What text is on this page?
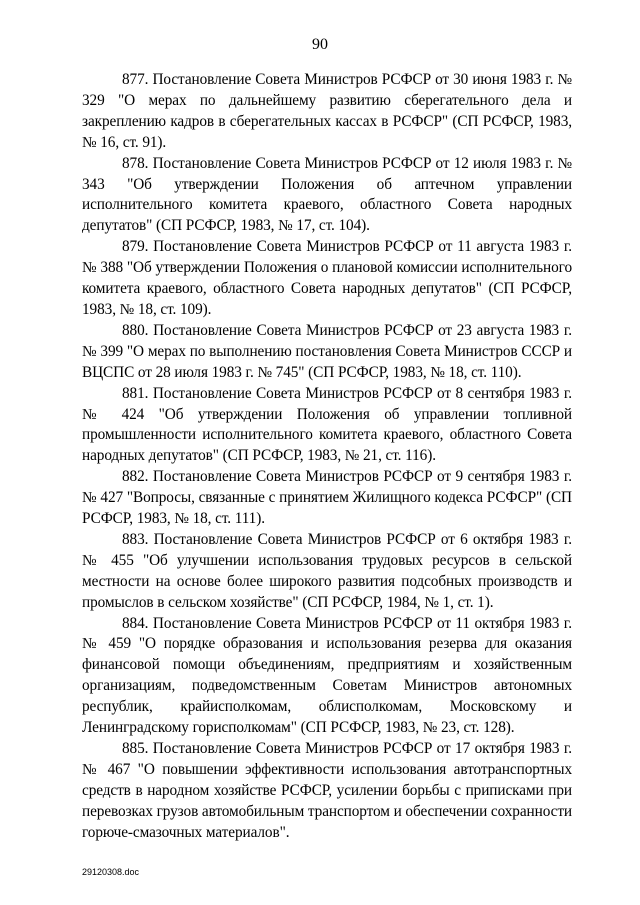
90

877. Постановление Совета Министров РСФСР от 30 июня 1983 г. № 329 "О мерах по дальнейшему развитию сберегательного дела и закреплению кадров в сберегательных кассах в РСФСР" (СП РСФСР, 1983, № 16, ст. 91).

878. Постановление Совета Министров РСФСР от 12 июля 1983 г. № 343 "Об утверждении Положения об аптечном управлении исполнительного комитета краевого, областного Совета народных депутатов" (СП РСФСР, 1983, № 17, ст. 104).

879. Постановление Совета Министров РСФСР от 11 августа 1983 г. № 388 "Об утверждении Положения о плановой комиссии исполнительного комитета краевого, областного Совета народных депутатов" (СП РСФСР, 1983, № 18, ст. 109).

880. Постановление Совета Министров РСФСР от 23 августа 1983 г. № 399 "О мерах по выполнению постановления Совета Министров СССР и ВЦСПС от 28 июля 1983 г. № 745" (СП РСФСР, 1983, № 18, ст. 110).

881. Постановление Совета Министров РСФСР от 8 сентября 1983 г. № 424 "Об утверждении Положения об управлении топливной промышленности исполнительного комитета краевого, областного Совета народных депутатов" (СП РСФСР, 1983, № 21, ст. 116).

882. Постановление Совета Министров РСФСР от 9 сентября 1983 г. № 427 "Вопросы, связанные с принятием Жилищного кодекса РСФСР" (СП РСФСР, 1983, № 18, ст. 111).

883. Постановление Совета Министров РСФСР от 6 октября 1983 г. № 455 "Об улучшении использования трудовых ресурсов в сельской местности на основе более широкого развития подсобных производств и промыслов в сельском хозяйстве" (СП РСФСР, 1984, № 1, ст. 1).

884. Постановление Совета Министров РСФСР от 11 октября 1983 г. № 459 "О порядке образования и использования резерва для оказания финансовой помощи объединениям, предприятиям и хозяйственным организациям, подведомственным Советам Министров автономных республик, крайисполкомам, облисполкомам, Московскому и Ленинградскому горисполкомам" (СП РСФСР, 1983, № 23, ст. 128).

885. Постановление Совета Министров РСФСР от 17 октября 1983 г. № 467 "О повышении эффективности использования автотранспортных средств в народном хозяйстве РСФСР, усилении борьбы с приписками при перевозках грузов автомобильным транспортом и обеспечении сохранности горюче-смазочных материалов".

29120308.doc
